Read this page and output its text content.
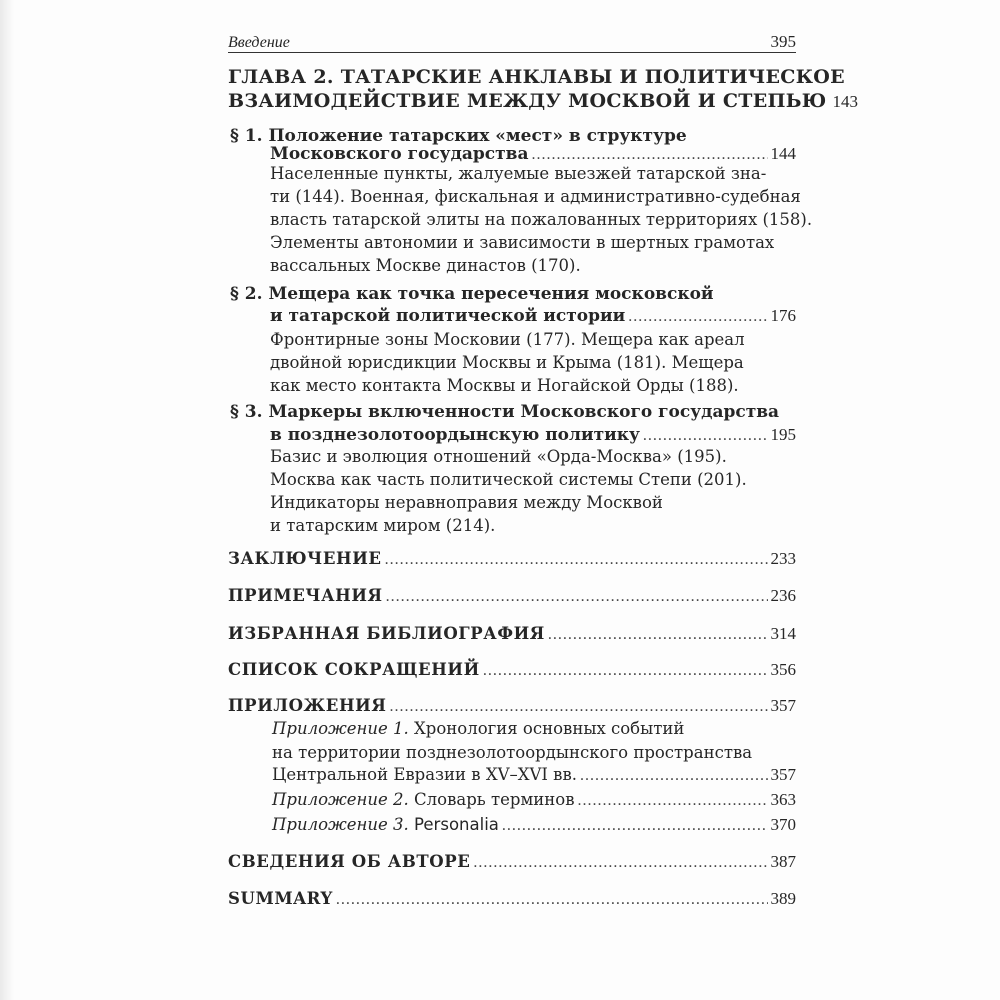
Введение	395
ГЛАВА 2. ТАТАРСКИЕ АНКЛАВЫ И ПОЛИТИЧЕСКОЕ
ВЗАИМОДЕЙСТВИЕ МЕЖДУ МОСКВОЙ И СТЕПЬЮ 143
§ 1. Положение татарских «мест» в структуре
Московского государства .....	144
Населенные пункты, жалуемые выезжей татарской зна-
ти (144). Военная, фискальная и административно-судебная
власть татарской элиты на пожалованных территориях (158).
Элементы автономии и зависимости в шертных грамотах
вассальных Москве династов (170).
§ 2. Мещера как точка пересечения московской
и татарской политической истории .....	176
Фронтирные зоны Московии (177). Мещера как ареал
двойной юрисдикции Москвы и Крыма (181). Мещера
как место контакта Москвы и Ногайской Орды (188).
§ 3. Маркеры включенности Московского государства
в позднезолотоордынскую политику .....	195
Базис и эволюция отношений «Орда-Москва» (195).
Москва как часть политической системы Степи (201).
Индикаторы неравноправия между Москвой
и татарским миром (214).
ЗАКЛЮЧЕНИЕ .....	233
ПРИМЕЧАНИЯ .....	236
ИЗБРАННАЯ БИБЛИОГРАФИЯ .....	314
СПИСОК СОКРАЩЕНИЙ .....	356
ПРИЛОЖЕНИЯ .....	357
Приложение 1. Хронология основных событий
на территории позднезолотоордынского пространства
Центральной Евразии в XV–XVI вв. .....	357
Приложение 2. Словарь терминов .....	363
Приложение 3. Personalia .....	370
СВЕДЕНИЯ ОБ АВТОРЕ .....	387
SUMMARY .....	389
